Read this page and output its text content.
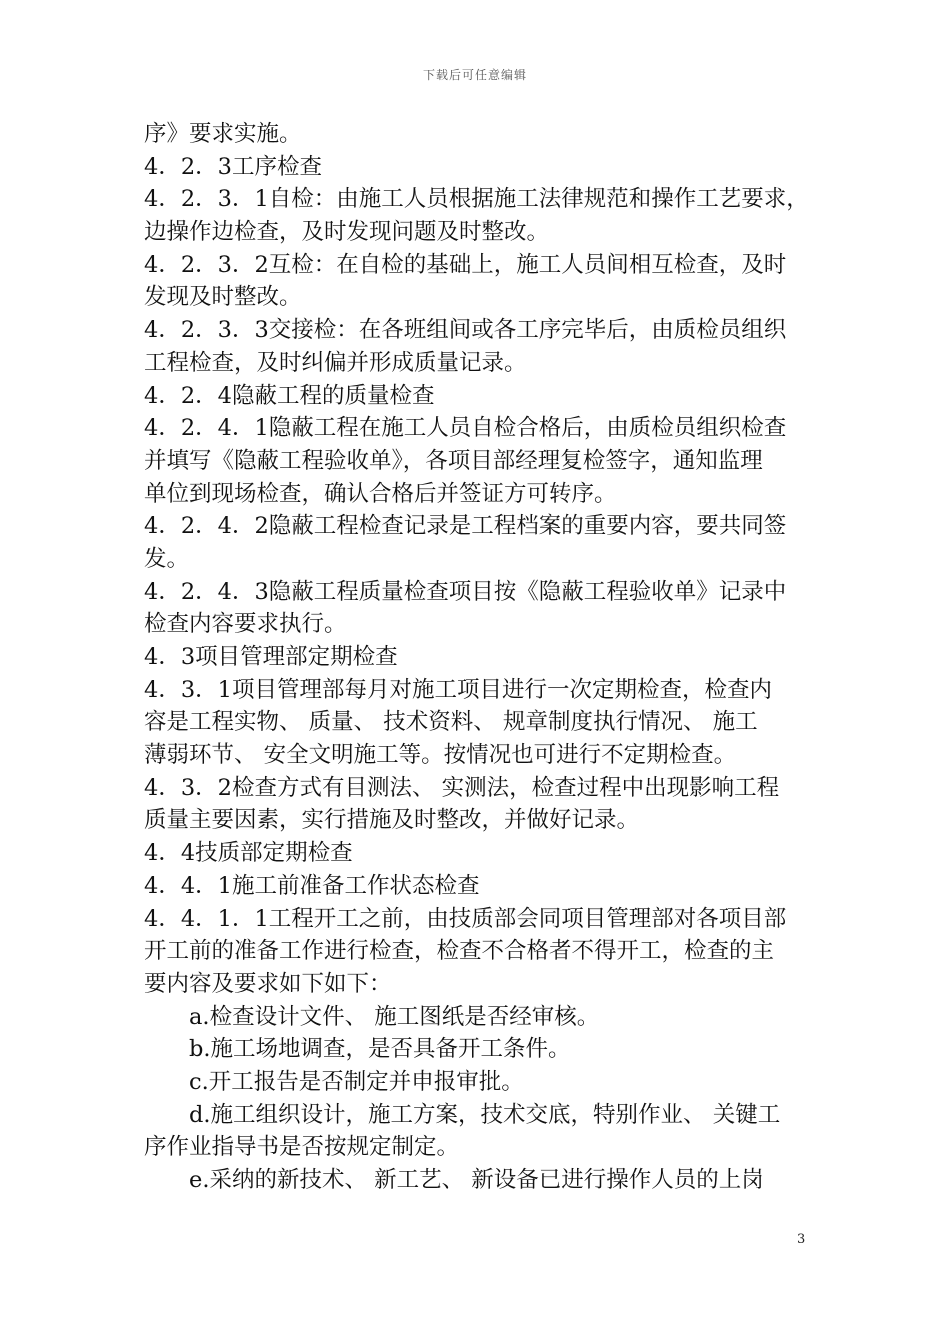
下载后可任意编辑
序》要求实施。
4．2．3工序检查
4．2．3．1自检：由施工人员根据施工法律规范和操作工艺要求，
边操作边检查，及时发现问题及时整改。
4．2．3．2互检：在自检的基础上，施工人员间相互检查，及时
发现及时整改。
4．2．3．3交接检：在各班组间或各工序完毕后，由质检员组织
工程检查，及时纠偏并形成质量记录。
4．2．4隐蔽工程的质量检查
4．2．4．1隐蔽工程在施工人员自检合格后，由质检员组织检查
并填写《隐蔽工程验收单》，各项目部经理复检签字，通知监理
单位到现场检查，确认合格后并签证方可转序。
4．2．4．2隐蔽工程检查记录是工程档案的重要内容，要共同签
发。
4．2．4．3隐蔽工程质量检查项目按《隐蔽工程验收单》记录中
检查内容要求执行。
4．3项目管理部定期检查
4．3．1项目管理部每月对施工项目进行一次定期检查，检查内
容是工程实物、 质量、 技术资料、 规章制度执行情况、 施工
薄弱环节、 安全文明施工等。按情况也可进行不定期检查。
4．3．2检查方式有目测法、 实测法，检查过程中出现影响工程
质量主要因素，实行措施及时整改，并做好记录。
4．4技质部定期检查
4．4．1施工前准备工作状态检查
4．4．1．1工程开工之前，由技质部会同项目管理部对各项目部
开工前的准备工作进行检查，检查不合格者不得开工，检查的主
要内容及要求如下如下：
a.检查设计文件、 施工图纸是否经审核。
b.施工场地调查，是否具备开工条件。
c.开工报告是否制定并申报审批。
d.施工组织设计，施工方案，技术交底，特别作业、 关键工
序作业指导书是否按规定制定。
e.采纳的新技术、 新工艺、 新设备已进行操作人员的上岗
3
